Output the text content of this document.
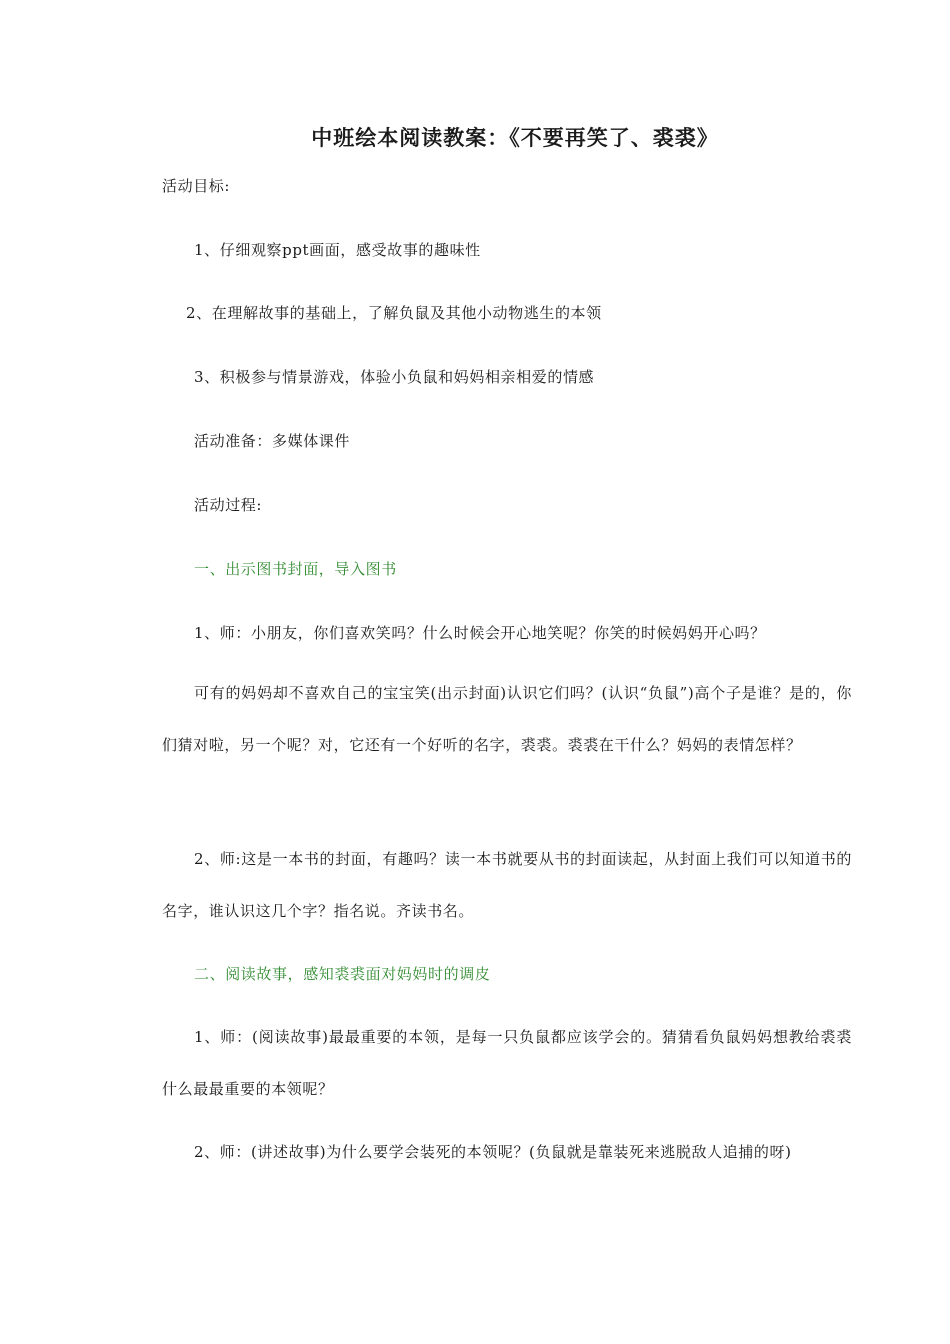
中班绘本阅读教案：《不要再笑了、裘裘》
活动目标:
1、仔细观察ppt画面，感受故事的趣味性
2、在理解故事的基础上，了解负鼠及其他小动物逃生的本领
3、积极参与情景游戏，体验小负鼠和妈妈相亲相爱的情感
活动准备：多媒体课件
活动过程:
一、出示图书封面，导入图书
1、师：小朋友，你们喜欢笑吗？什么时候会开心地笑呢？你笑的时候妈妈开心吗？
可有的妈妈却不喜欢自己的宝宝笑(出示封面)认识它们吗？(认识“负鼠”)高个子是谁？是的，你们猜对啦，另一个呢？对，它还有一个好听的名字，裘裘。裘裘在干什么？妈妈的表情怎样？
2、师:这是一本书的封面，有趣吗？读一本书就要从书的封面读起，从封面上我们可以知道书的名字，谁认识这几个字？指名说。齐读书名。
二、阅读故事，感知裘裘面对妈妈时的调皮
1、师：(阅读故事)最最重要的本领，是每一只负鼠都应该学会的。猜猜看负鼠妈妈想教给裘裘什么最最重要的本领呢？
2、师：(讲述故事)为什么要学会装死的本领呢？(负鼠就是靠装死来逃脱敌人追捕的呀)
